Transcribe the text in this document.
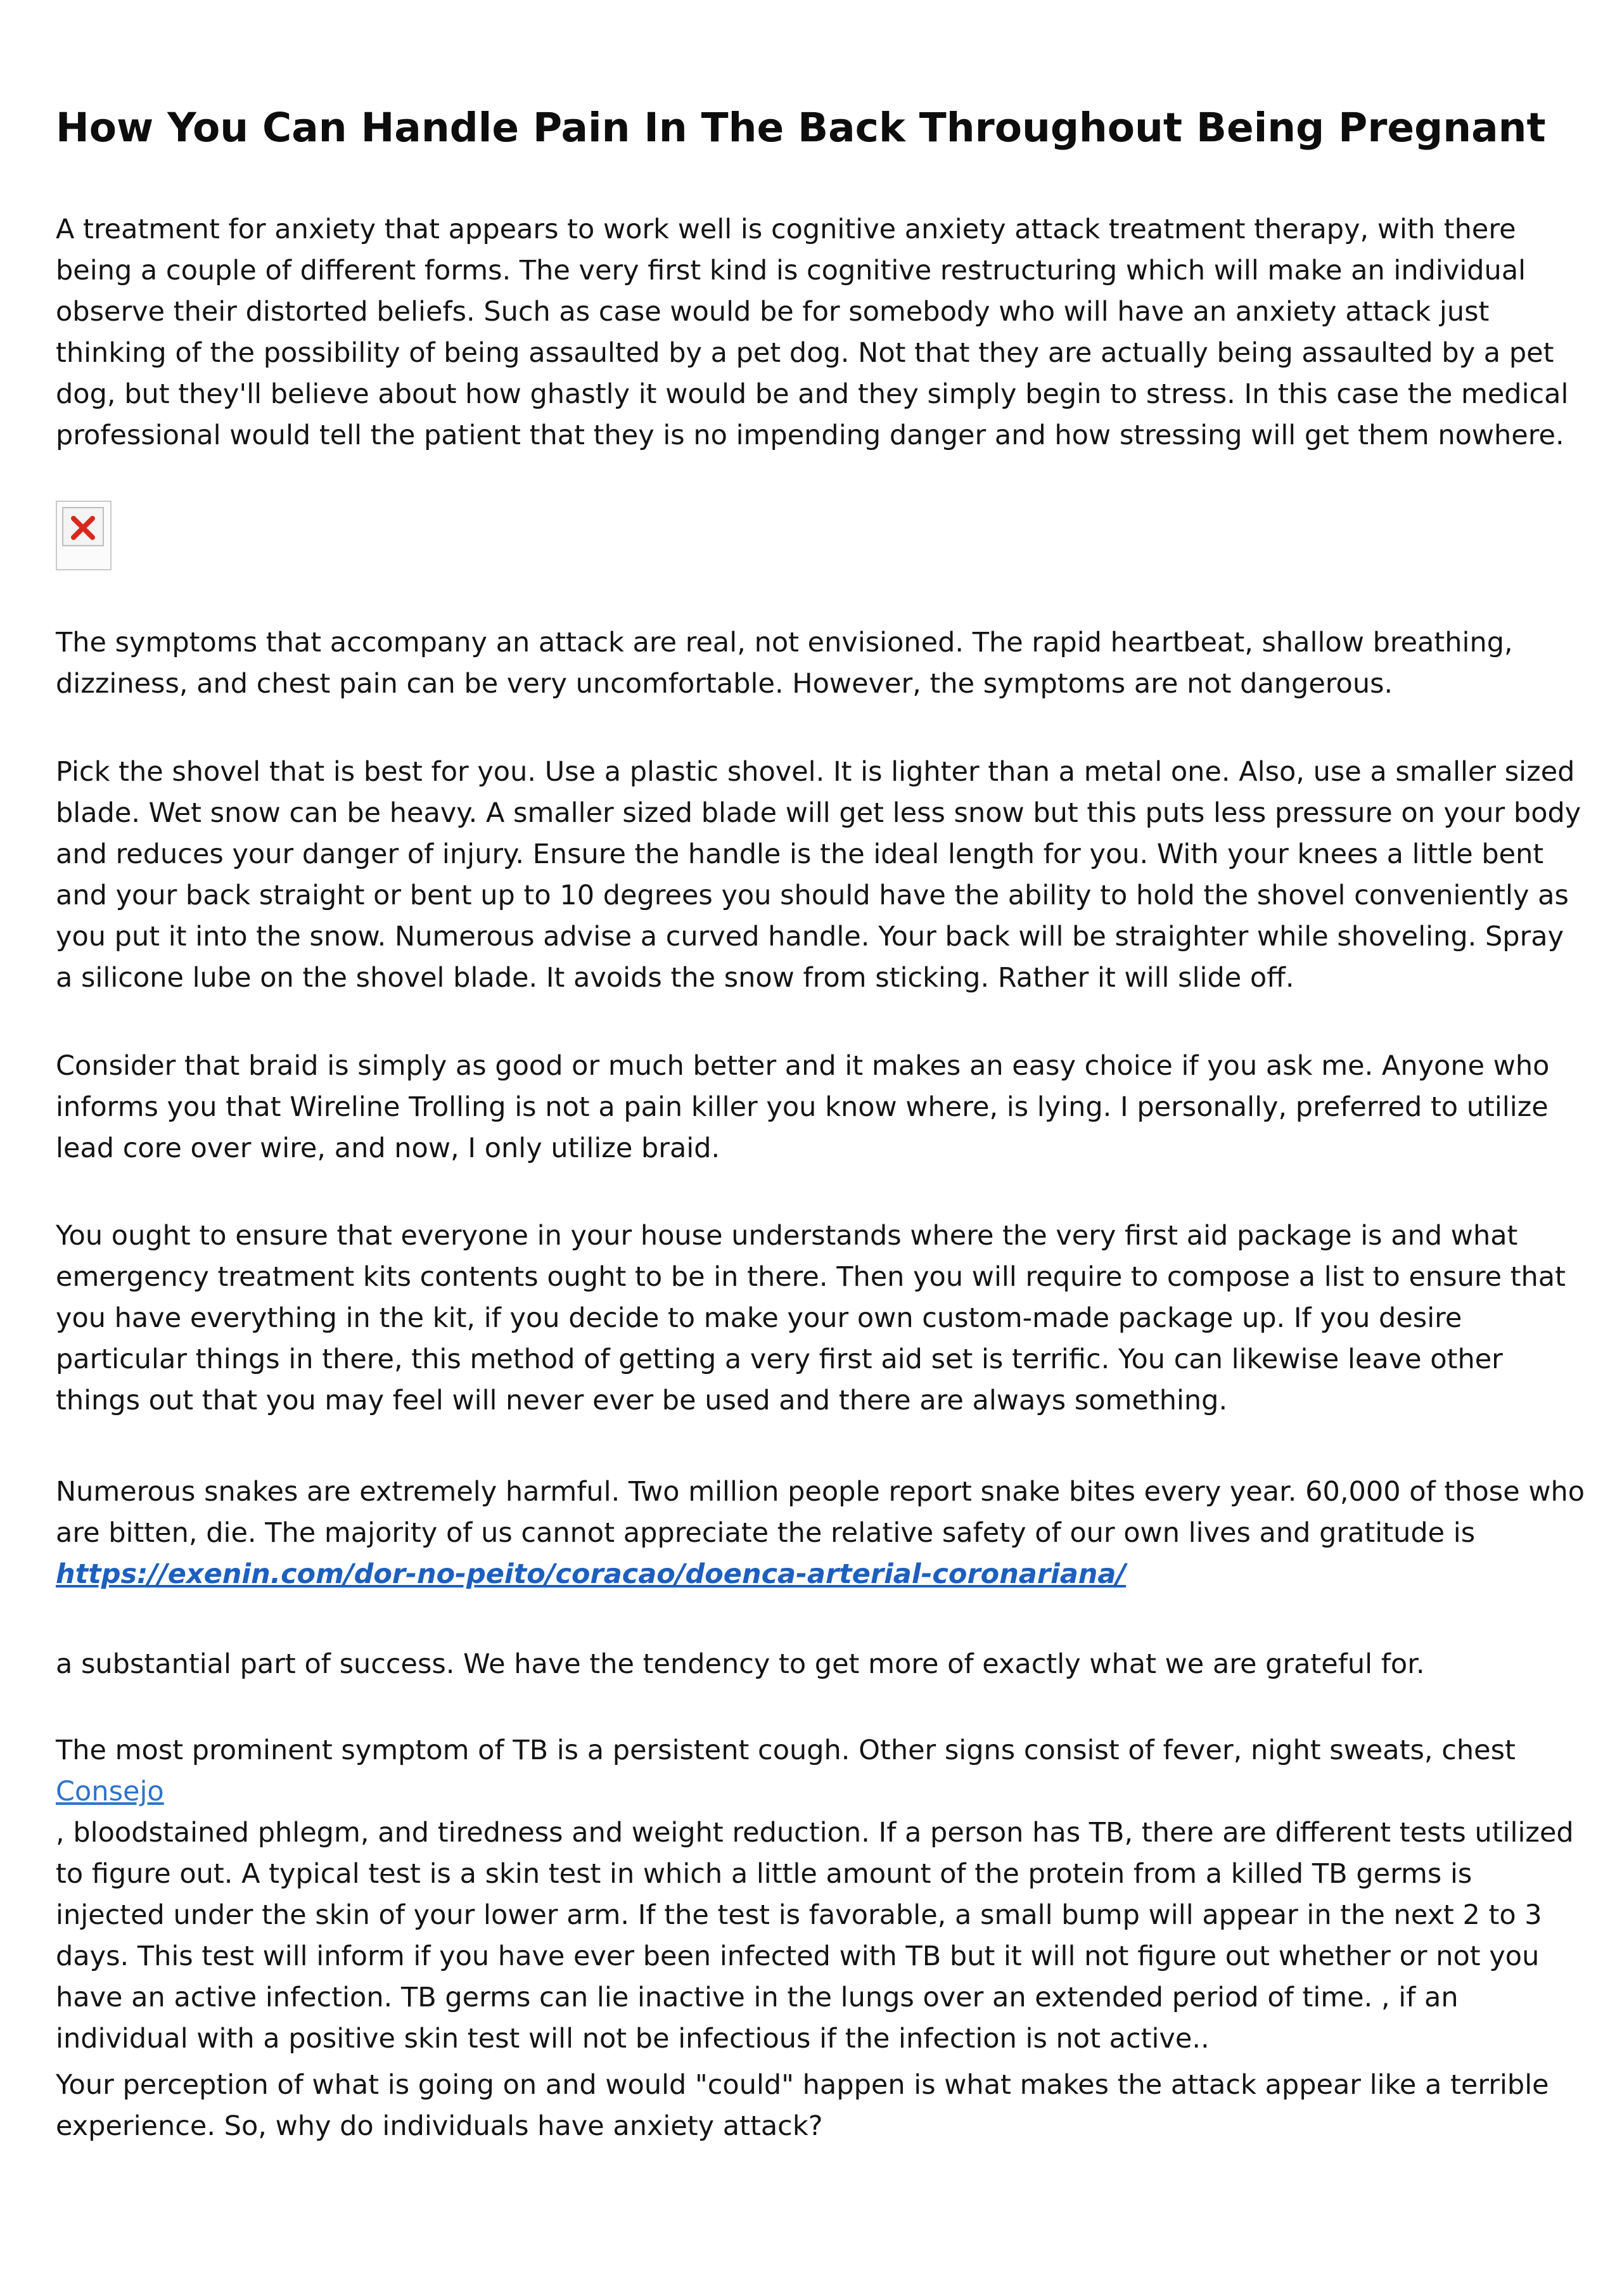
How You Can Handle Pain In The Back Throughout Being Pregnant

A treatment for anxiety that appears to work well is cognitive anxiety attack treatment therapy, with there being a couple of different forms. The very first kind is cognitive restructuring which will make an individual observe their distorted beliefs. Such as case would be for somebody who will have an anxiety attack just thinking of the possibility of being assaulted by a pet dog. Not that they are actually being assaulted by a pet dog, but they'll believe about how ghastly it would be and they simply begin to stress. In this case the medical professional would tell the patient that they is no impending danger and how stressing will get them nowhere.

The symptoms that accompany an attack are real, not envisioned. The rapid heartbeat, shallow breathing, dizziness, and chest pain can be very uncomfortable. However, the symptoms are not dangerous.

Pick the shovel that is best for you. Use a plastic shovel. It is lighter than a metal one. Also, use a smaller sized blade. Wet snow can be heavy. A smaller sized blade will get less snow but this puts less pressure on your body and reduces your danger of injury. Ensure the handle is the ideal length for you. With your knees a little bent and your back straight or bent up to 10 degrees you should have the ability to hold the shovel conveniently as you put it into the snow. Numerous advise a curved handle. Your back will be straighter while shoveling. Spray a silicone lube on the shovel blade. It avoids the snow from sticking. Rather it will slide off.

Consider that braid is simply as good or much better and it makes an easy choice if you ask me. Anyone who informs you that Wireline Trolling is not a pain killer you know where, is lying. I personally, preferred to utilize lead core over wire, and now, I only utilize braid.

You ought to ensure that everyone in your house understands where the very first aid package is and what emergency treatment kits contents ought to be in there. Then you will require to compose a list to ensure that you have everything in the kit, if you decide to make your own custom-made package up. If you desire particular things in there, this method of getting a very first aid set is terrific. You can likewise leave other things out that you may feel will never ever be used and there are always something.

Numerous snakes are extremely harmful. Two million people report snake bites every year. 60,000 of those who are bitten, die. The majority of us cannot appreciate the relative safety of our own lives and gratitude is https://exenin.com/dor-no-peito/coracao/doenca-arterial-coronariana/

a substantial part of success. We have the tendency to get more of exactly what we are grateful for.

The most prominent symptom of TB is a persistent cough. Other signs consist of fever, night sweats, chest Consejo
, bloodstained phlegm, and tiredness and weight reduction. If a person has TB, there are different tests utilized to figure out. A typical test is a skin test in which a little amount of the protein from a killed TB germs is injected under the skin of your lower arm. If the test is favorable, a small bump will appear in the next 2 to 3 days. This test will inform if you have ever been infected with TB but it will not figure out whether or not you have an active infection. TB germs can lie inactive in the lungs over an extended period of time. , if an individual with a positive skin test will not be infectious if the infection is not active..

Your perception of what is going on and would "could" happen is what makes the attack appear like a terrible experience. So, why do individuals have anxiety attack?
